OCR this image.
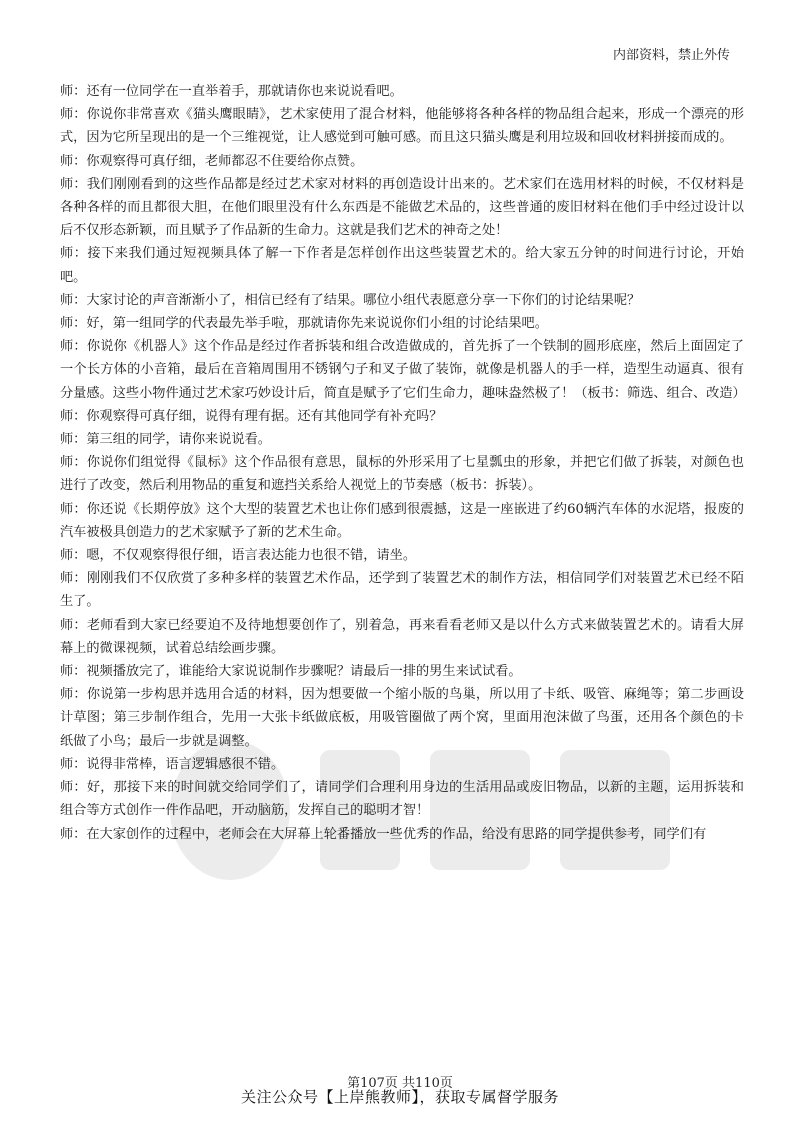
内部资料，禁止外传

师：还有一位同学在一直举着手，那就请你也来说说看吧。

师：你说你非常喜欢《猫头鹰眼睛》，艺术家使用了混合材料，他能够将各种各样的物品组合起来，形成一个漂亮的形式，因为它所呈现出的是一个三维视觉，让人感觉到可触可感。而且这只猫头鹰是利用垃圾和回收材料拼接而成的。

师：你观察得可真仔细，老师都忍不住要给你点赞。

师：我们刚刚看到的这些作品都是经过艺术家对材料的再创造设计出来的。艺术家们在选用材料的时候，不仅材料是各种各样的而且都很大胆，在他们眼里没有什么东西是不能做艺术品的，这些普通的废旧材料在他们手中经过设计以后不仅形态新颖，而且赋予了作品新的生命力。这就是我们艺术的神奇之处！

师：接下来我们通过短视频具体了解一下作者是怎样创作出这些装置艺术的。给大家五分钟的时间进行讨论，开始吧。

师：大家讨论的声音渐渐小了，相信已经有了结果。哪位小组代表愿意分享一下你们的讨论结果呢？

师：好，第一组同学的代表最先举手啦，那就请你先来说说你们小组的讨论结果吧。

师：你说你《机器人》这个作品是经过作者拆装和组合改造做成的，首先拆了一个铁制的圆形底座，然后上面固定了一个长方体的小音箱，最后在音箱周围用不锈钢勺子和叉子做了装饰，就像是机器人的手一样，造型生动逼真、很有分量感。这些小物件通过艺术家巧妙设计后，简直是赋予了它们生命力，趣味盎然极了！（板书：筛选、组合、改造）

师：你观察得可真仔细，说得有理有据。还有其他同学有补充吗？

师：第三组的同学，请你来说说看。

师：你说你们组觉得《鼠标》这个作品很有意思，鼠标的外形采用了七星瓢虫的形象，并把它们做了拆装，对颜色也进行了改变，然后利用物品的重复和遮挡关系给人视觉上的节奏感（板书：拆装）。

师：你还说《长期停放》这个大型的装置艺术也让你们感到很震撼，这是一座嵌进了约60辆汽车体的水泥塔，报废的汽车被极具创造力的艺术家赋予了新的艺术生命。

师：嗯，不仅观察得很仔细，语言表达能力也很不错，请坐。

师：刚刚我们不仅欣赏了多种多样的装置艺术作品，还学到了装置艺术的制作方法，相信同学们对装置艺术已经不陌生了。

师：老师看到大家已经要迫不及待地想要创作了，别着急，再来看看老师又是以什么方式来做装置艺术的。请看大屏幕上的微课视频，试着总结绘画步骤。

师：视频播放完了，谁能给大家说说制作步骤呢？请最后一排的男生来试试看。

师：你说第一步构思并选用合适的材料，因为想要做一个缩小版的鸟巢，所以用了卡纸、吸管、麻绳等；第二步画设计草图；第三步制作组合，先用一大张卡纸做底板，用吸管圈做了两个窝，里面用泡沫做了鸟蛋，还用各个颜色的卡纸做了小鸟；最后一步就是调整。

师：说得非常棒，语言逻辑感很不错。

师：好，那接下来的时间就交给同学们了，请同学们合理利用身边的生活用品或废旧物品，以新的主题，运用拆装和组合等方式创作一件作品吧，开动脑筋，发挥自己的聪明才智！

师：在大家创作的过程中，老师会在大屏幕上轮番播放一些优秀的作品，给没有思路的同学提供参考，同学们有

第107页 共110页
关注公众号【上岸熊教师】，获取专属督学服务
